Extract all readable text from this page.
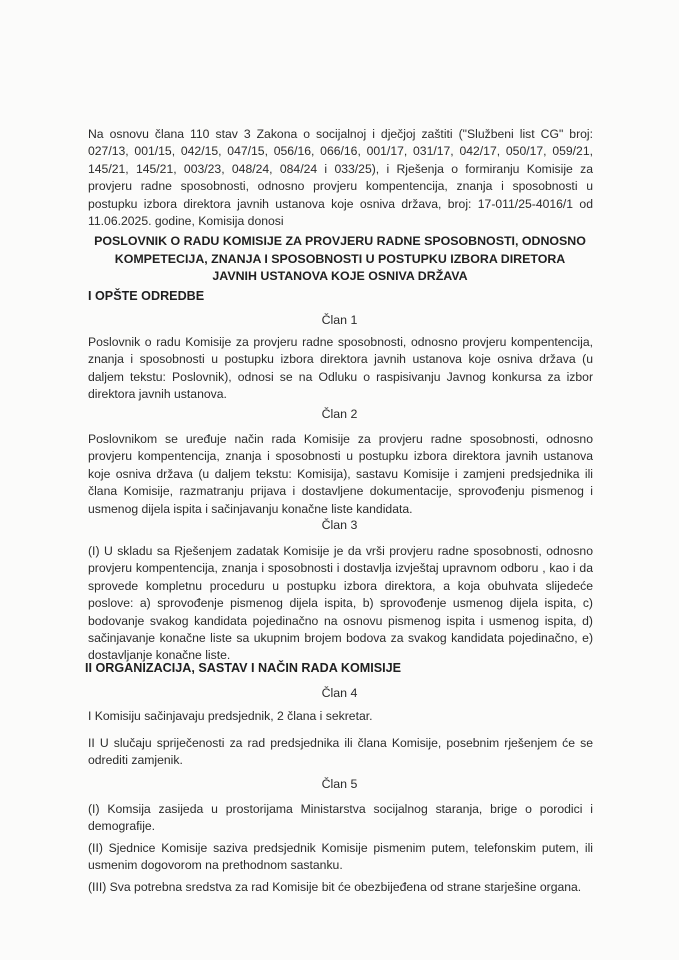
Na osnovu člana 110 stav 3 Zakona o socijalnoj i dječjoj zaštiti ("Službeni list CG" broj: 027/13, 001/15, 042/15, 047/15, 056/16, 066/16, 001/17, 031/17, 042/17, 050/17, 059/21, 145/21, 145/21, 003/23, 048/24, 084/24 i 033/25), i Rješenja o formiranju Komisije za provjeru radne sposobnosti, odnosno provjeru kompentencija, znanja i sposobnosti u postupku izbora direktora javnih ustanova koje osniva država, broj: 17-011/25-4016/1 od 11.06.2025. godine, Komisija donosi

POSLOVNIK O RADU KOMISIJE ZA PROVJERU RADNE SPOSOBNOSTI, ODNOSNO KOMPETECIJA, ZNANJA I SPOSOBNOSTI U POSTUPKU IZBORA DIRETORA JAVNIH USTANOVA KOJE OSNIVA DRŽAVA

I OPŠTE ODREDBE

Član 1

Poslovnik o radu Komisije za provjeru radne sposobnosti, odnosno provjeru kompentencija, znanja i sposobnosti u postupku izbora direktora javnih ustanova koje osniva država (u daljem tekstu: Poslovnik), odnosi se na Odluku o raspisivanju Javnog konkursa za izbor direktora javnih ustanova.

Član 2

Poslovnikom se uređuje način rada Komisije za provjeru radne sposobnosti, odnosno provjeru kompentencija, znanja i sposobnosti u postupku izbora direktora javnih ustanova koje osniva država (u daljem tekstu: Komisija), sastavu Komisije i zamjeni predsjednika ili člana Komisije, razmatranju prijava i dostavljene dokumentacije, sprovođenju pismenog i usmenog dijela ispita i sačinjavanju konačne liste kandidata.

Član 3

(I) U skladu sa Rješenjem zadatak Komisije je da vrši provjeru radne sposobnosti, odnosno provjeru kompentencija, znanja i sposobnosti i dostavlja izvještaj upravnom odboru , kao i da sprovede kompletnu proceduru u postupku izbora direktora, a koja obuhvata slijedeće poslove: a) sprovođenje pismenog dijela ispita, b) sprovođenje usmenog dijela ispita, c) bodovanje svakog kandidata pojedinačno na osnovu pismenog ispita i usmenog ispita, d) sačinjavanje konačne liste sa ukupnim brojem bodova za svakog kandidata pojedinačno, e) dostavljanje konačne liste.

II ORGANIZACIJA, SASTAV I NAČIN RADA KOMISIJE

Član 4

I Komisiju sačinjavaju predsjednik, 2 člana i sekretar.

II U slučaju spriječenosti za rad predsjednika ili člana Komisije, posebnim rješenjem će se odrediti zamjenik.

Član 5

(I) Komsija zasijeda u prostorijama Ministarstva socijalnog staranja, brige o porodici i demografije.

(II) Sjednice Komisije saziva predsjednik Komisije pismenim putem, telefonskim putem, ili usmenim dogovorom na prethodnom sastanku.

(III) Sva potrebna sredstva za rad Komisije bit će obezbijeđena od strane starješine organa.
